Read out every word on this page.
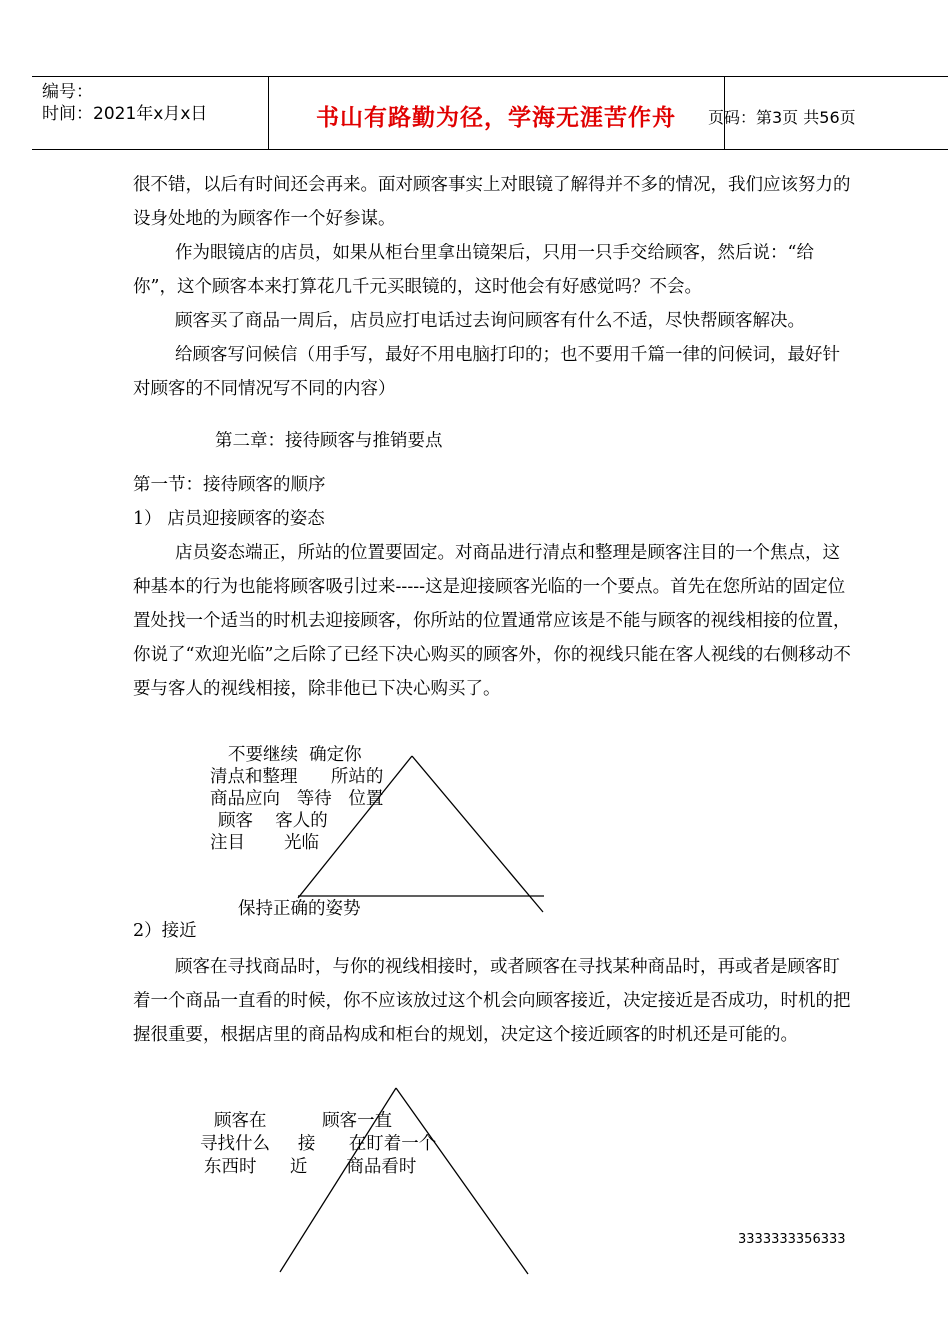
编号：
时间：2021年x月x日	书山有路勤为径，学海无涯苦作舟	页码：第3页 共56页

很不错，以后有时间还会再来。面对顾客事实上对眼镜了解得并不多的情况，我们应该努力的设身处地的为顾客作一个好参谋。

作为眼镜店的店员，如果从柜台里拿出镜架后，只用一只手交给顾客，然后说：“给你”，这个顾客本来打算花几千元买眼镜的，这时他会有好感觉吗？不会。

顾客买了商品一周后，店员应打电话过去询问顾客有什么不适，尽快帮顾客解决。

给顾客写问候信（用手写，最好不用电脑打印的；也不要用千篇一律的问候词，最好针对顾客的不同情况写不同的内容）

第二章：接待顾客与推销要点

第一节：接待顾客的顺序

1） 店员迎接顾客的姿态

店员姿态端正，所站的位置要固定。对商品进行清点和整理是顾客注目的一个焦点，这种基本的行为也能将顾客吸引过来-----这是迎接顾客光临的一个要点。首先在您所站的固定位置处找一个适当的时机去迎接顾客，你所站的位置通常应该是不能与顾客的视线相接的位置，你说了“欢迎光临”之后除了已经下决心购买的顾客外，你的视线只能在客人视线的右侧移动不要与客人的视线相接，除非他已下决心购买了。

不要继续  确定你
清点和整理      所站的
商品应向   等待   位置
顾客    客人的
注目       光临
保持正确的姿势

2）接近

顾客在寻找商品时，与你的视线相接时，或者顾客在寻找某种商品时，再或者是顾客盯着一个商品一直看的时候，你不应该放过这个机会向顾客接近，决定接近是否成功，时机的把握很重要，根据店里的商品构成和柜台的规划，决定这个接近顾客的时机还是可能的。

顾客在          顾客一直
寻找什么     接      在盯着一个
东西时      近       商品看时
3333333356333
